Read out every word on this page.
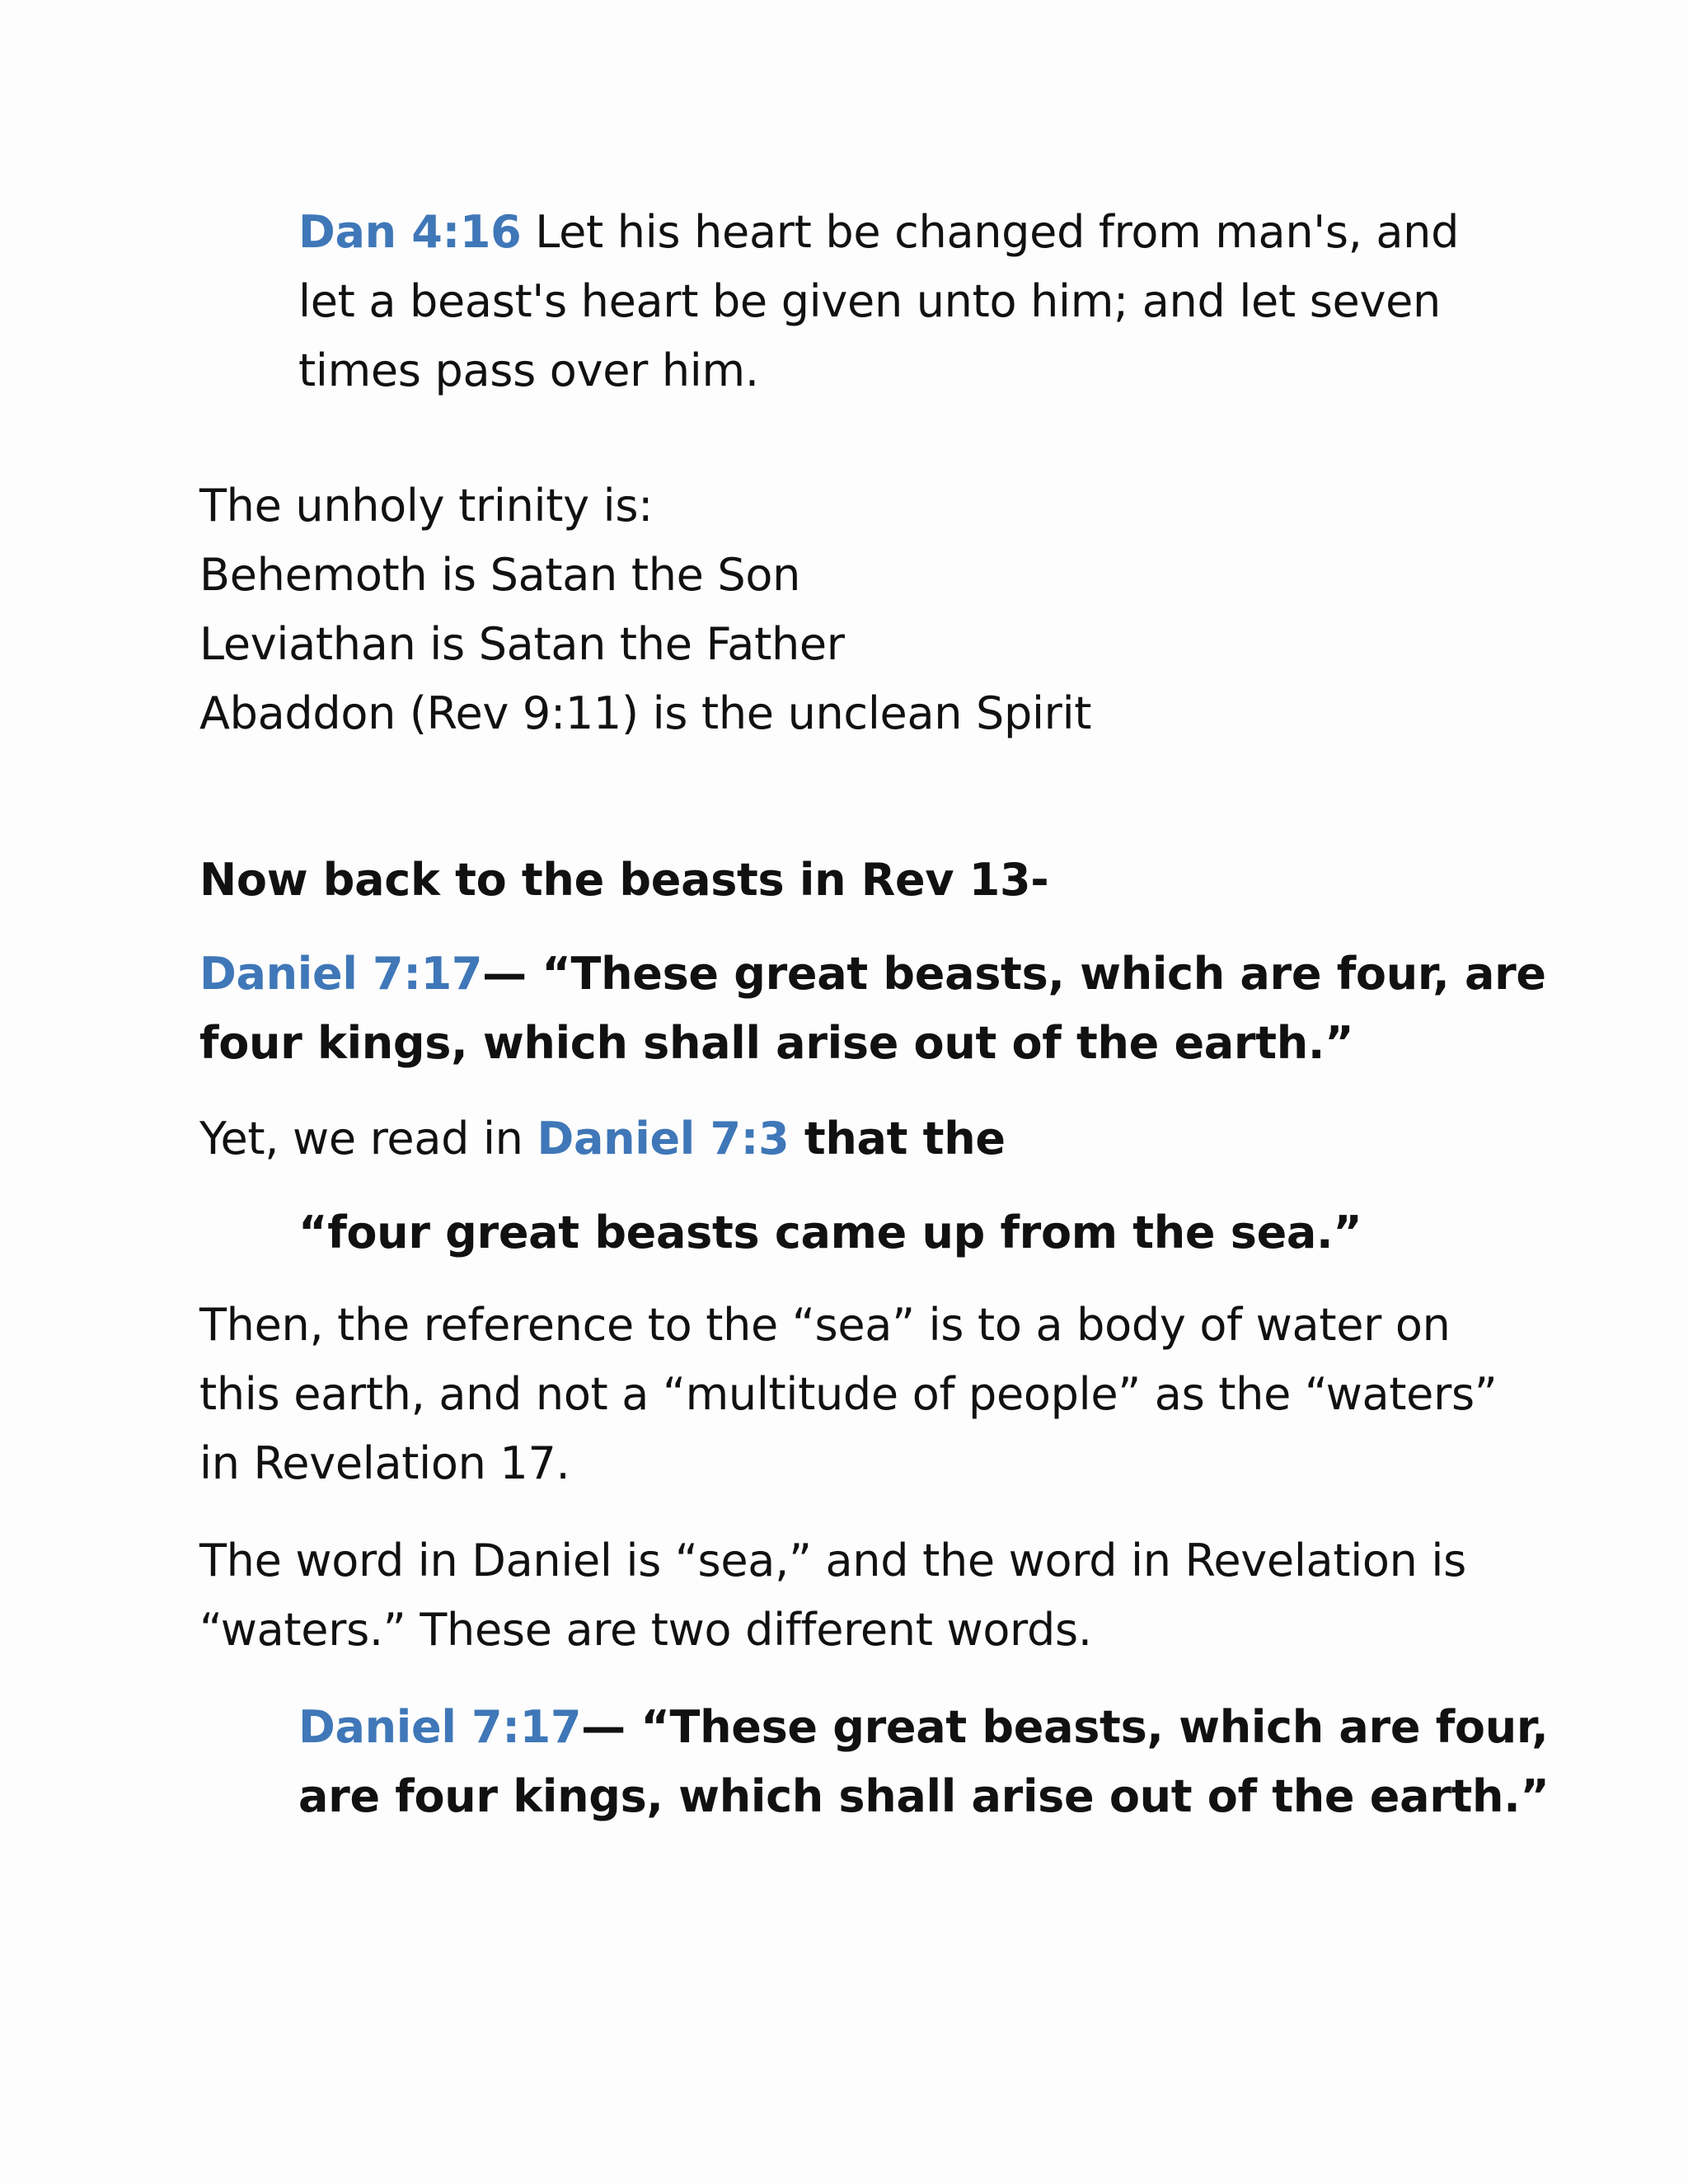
Dan 4:16 Let his heart be changed from man's, and
let a beast's heart be given unto him; and let seven
times pass over him.

The unholy trinity is:
Behemoth is Satan the Son
Leviathan is Satan the Father
Abaddon (Rev 9:11) is the unclean Spirit

Now back to the beasts in Rev 13-

Daniel 7:17— “These great beasts, which are four, are
four kings, which shall arise out of the earth.”

Yet, we read in Daniel 7:3 that the

“four great beasts came up from the sea.”

Then, the reference to the “sea” is to a body of water on
this earth, and not a “multitude of people” as the “waters”
in Revelation 17.

The word in Daniel is “sea,” and the word in Revelation is
“waters.” These are two different words.

Daniel 7:17— “These great beasts, which are four,
are four kings, which shall arise out of the earth.”
